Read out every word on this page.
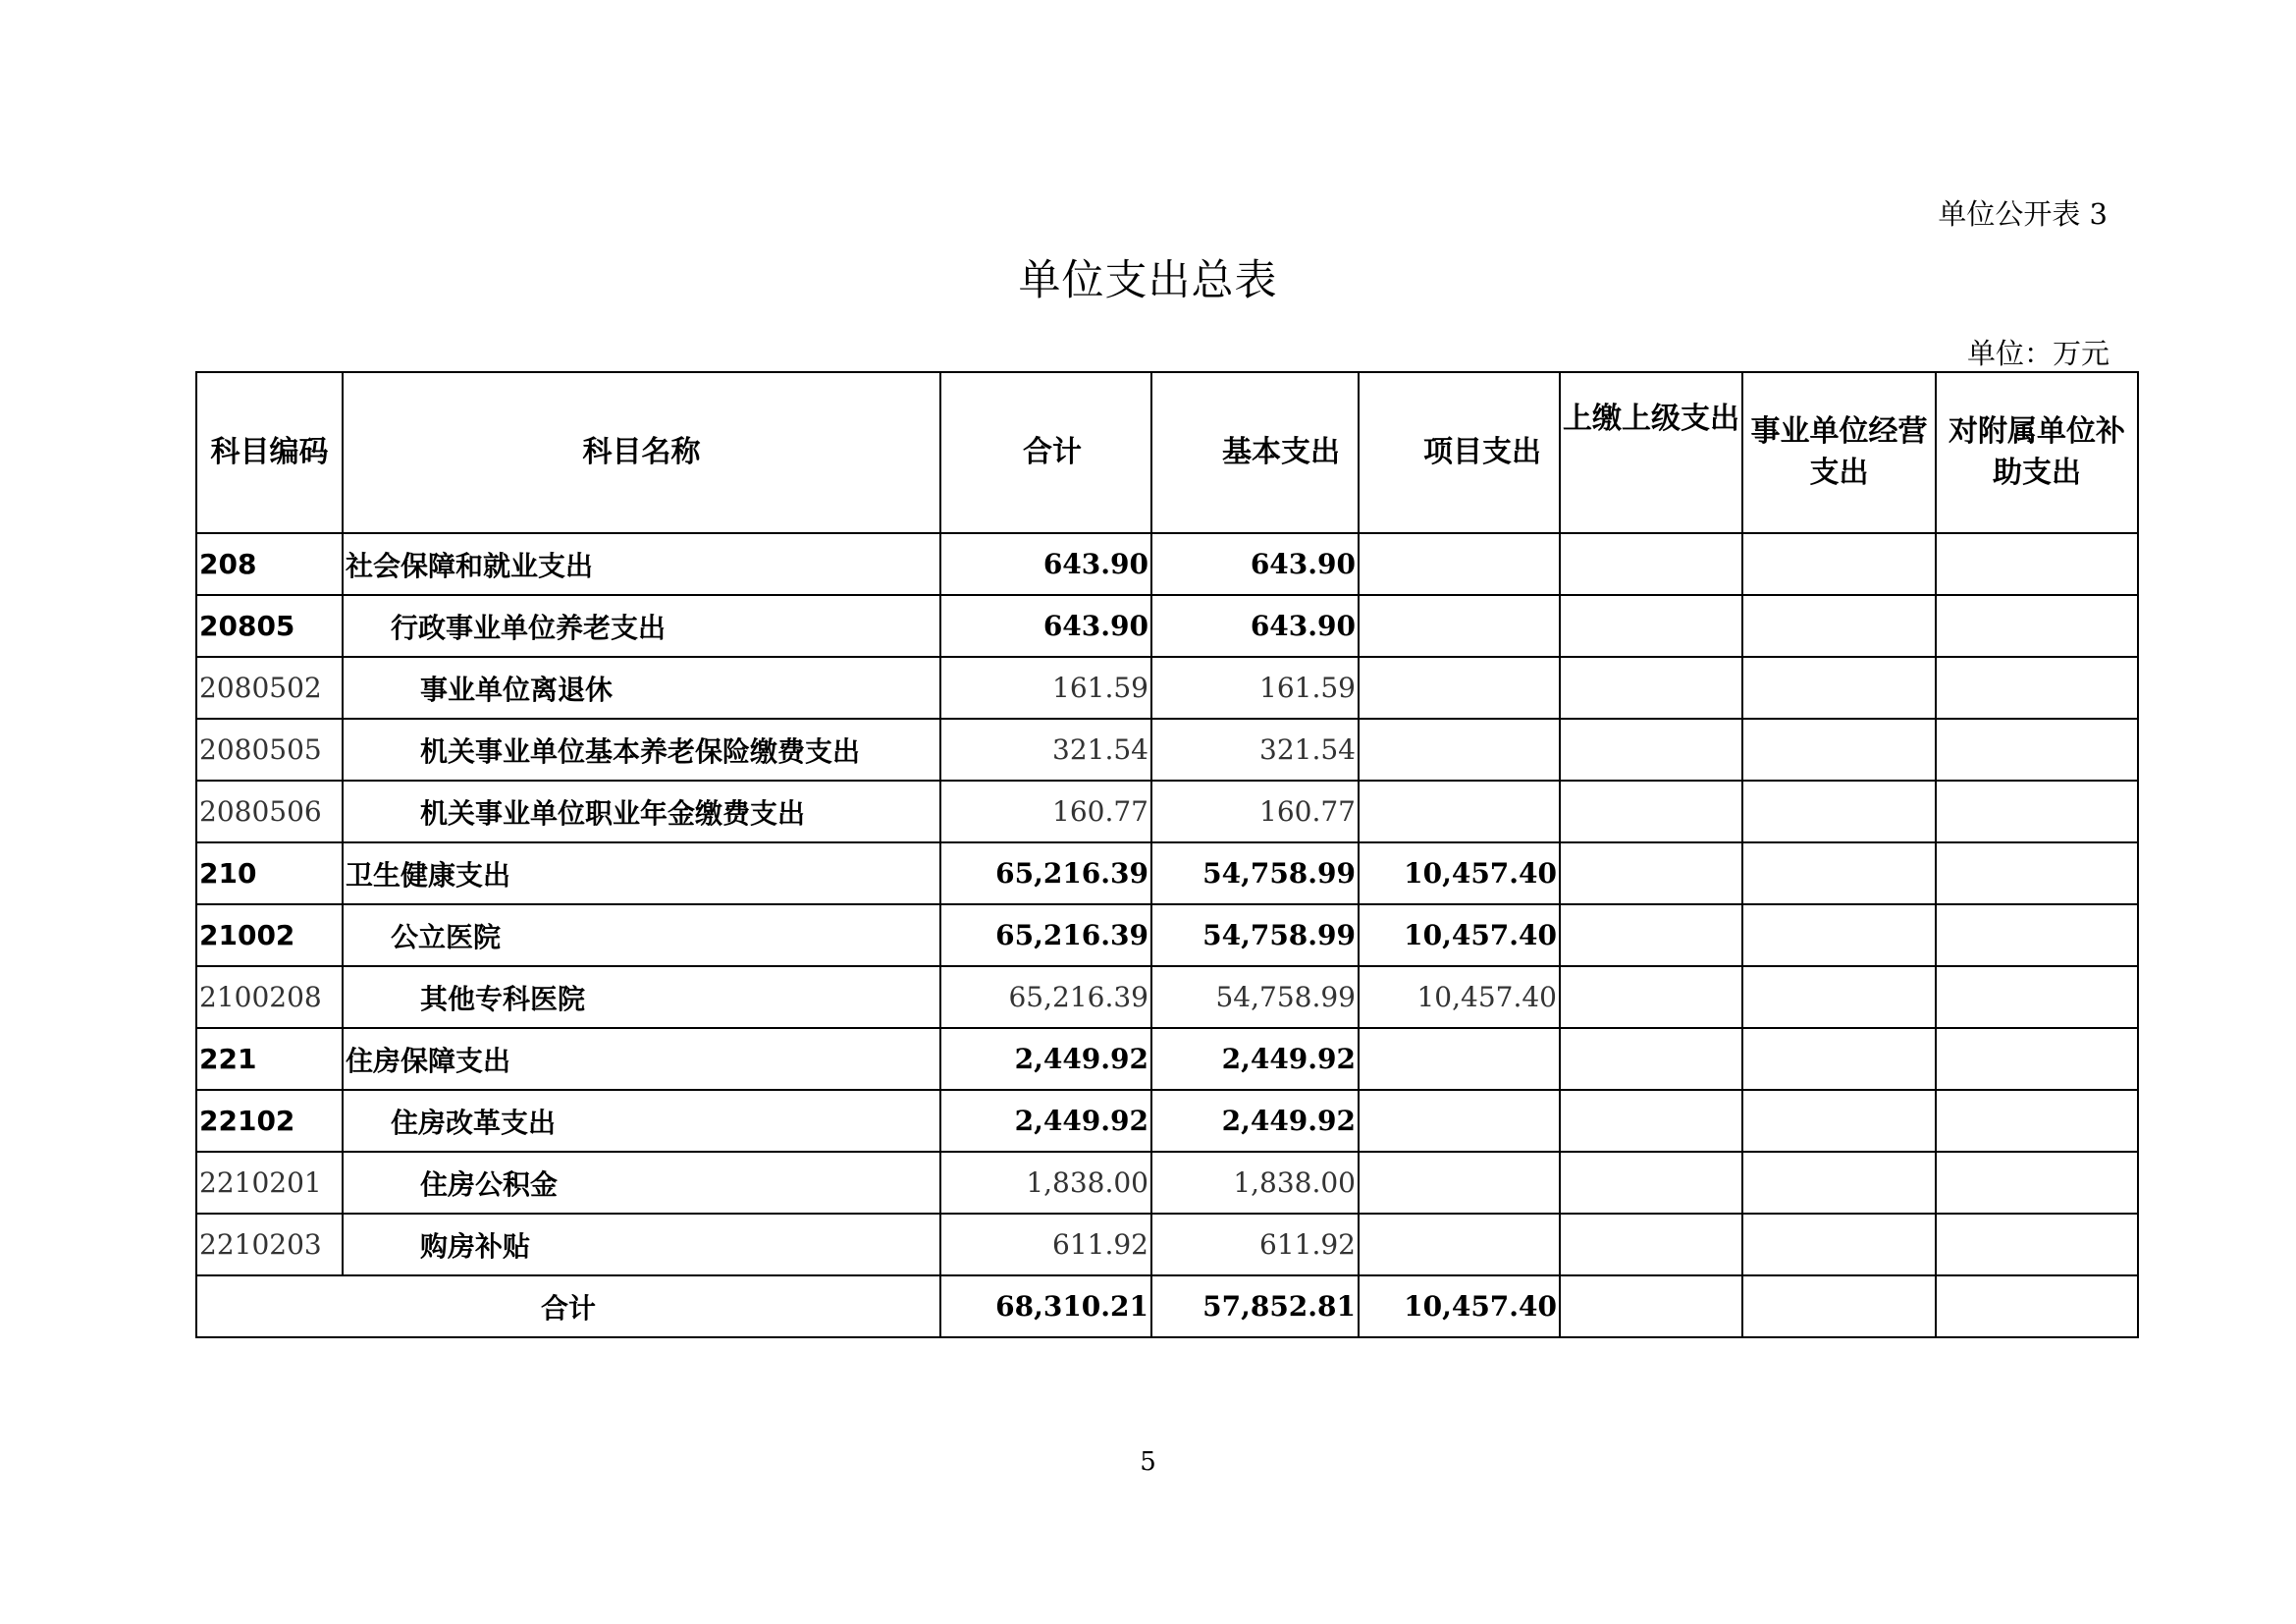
单位公开表 3
单位支出总表
单位：万元
科目编码	科目名称	合计	基本支出	项目支出	上缴上级支出	事业单位经营支出	对附属单位补助支出
208	社会保障和就业支出	643.90	643.90				
20805	行政事业单位养老支出	643.90	643.90				
2080502	事业单位离退休	161.59	161.59				
2080505	机关事业单位基本养老保险缴费支出	321.54	321.54				
2080506	机关事业单位职业年金缴费支出	160.77	160.77				
210	卫生健康支出	65,216.39	54,758.99	10,457.40			
21002	公立医院	65,216.39	54,758.99	10,457.40			
2100208	其他专科医院	65,216.39	54,758.99	10,457.40			
221	住房保障支出	2,449.92	2,449.92				
22102	住房改革支出	2,449.92	2,449.92				
2210201	住房公积金	1,838.00	1,838.00				
2210203	购房补贴	611.92	611.92				
合计		68,310.21	57,852.81	10,457.40			
5
